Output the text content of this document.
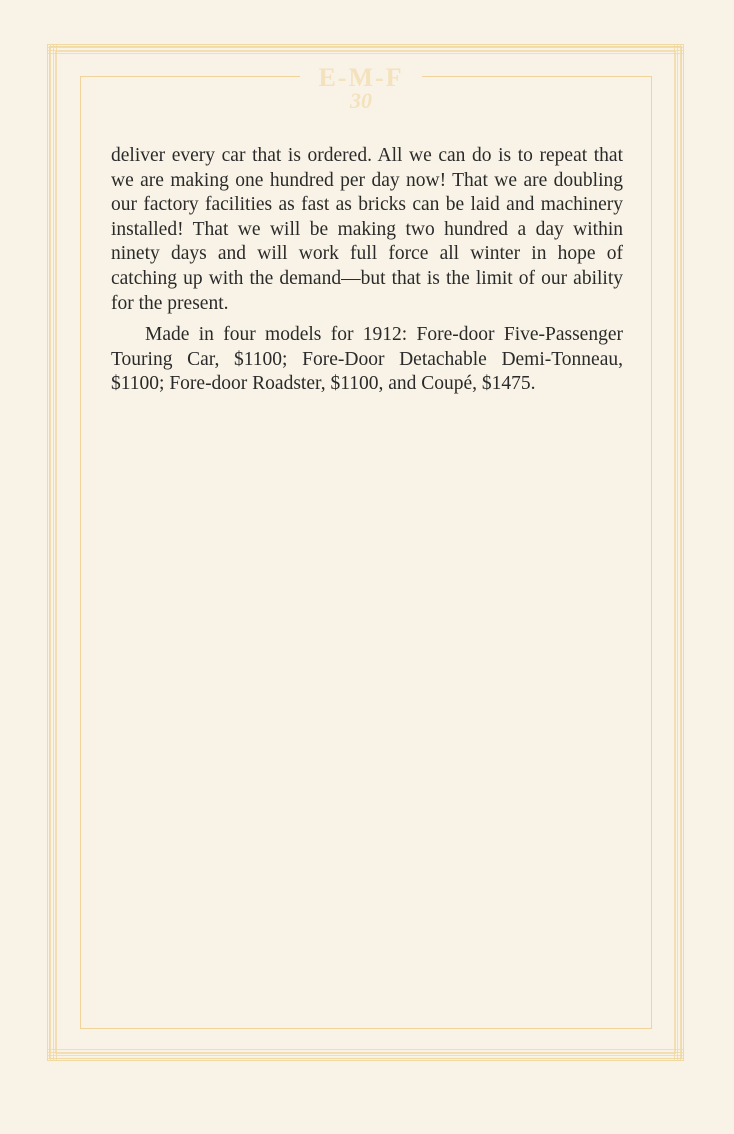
E-M-F
30

deliver every car that is ordered. All we can do is to repeat that we are making one hundred per day now! That we are doubling our factory facilities as fast as bricks can be laid and machinery installed! That we will be making two hundred a day within ninety days and will work full force all winter in hope of catching up with the demand—but that is the limit of our ability for the present.

Made in four models for 1912: Fore-door Five-Passenger Touring Car, $1100; Fore-Door Detachable Demi-Tonneau, $1100; Fore-door Roadster, $1100, and Coupé, $1475.
